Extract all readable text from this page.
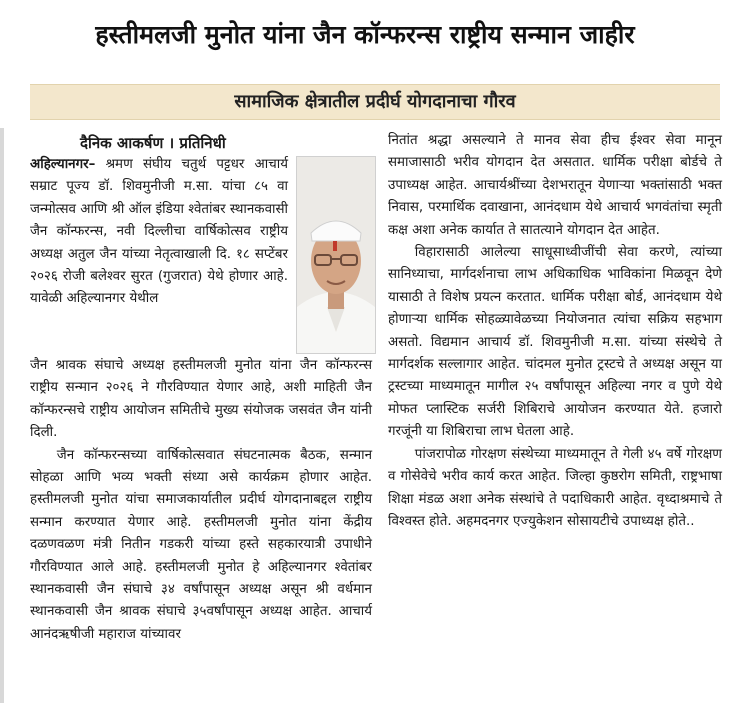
हस्तीमलजी मुनोत यांना जैन कॉन्फरन्स राष्ट्रीय सन्मान जाहीर
सामाजिक क्षेत्रातील प्रदीर्घ योगदानाचा गौरव
दैनिक आकर्षण । प्रतिनिधी

अहिल्यानगर– श्रमण संघीय चतुर्थ पट्टधर आचार्य सम्राट पूज्य डॉ. शिवमुनीजी म.सा. यांचा ८५ वा जन्मोत्सव आणि श्री ऑल इंडिया श्वेतांबर स्थानकवासी जैन कॉन्फरन्स, नवी दिल्लीचा वार्षिकोत्सव राष्ट्रीय अध्यक्ष अतुल जैन यांच्या नेतृत्वाखाली दि. १८ सप्टेंबर २०२६ रोजी बलेश्वर सुरत (गुजरात) येथे होणार आहे. यावेळी अहिल्यानगर येथील

जैन श्रावक संघाचे अध्यक्ष हस्तीमलजी मुनोत यांना जैन कॉन्फरन्स राष्ट्रीय सन्मान २०२६ ने गौरविण्यात येणार आहे, अशी माहिती जैन कॉन्फरन्सचे राष्ट्रीय आयोजन समितीचे मुख्य संयोजक जसवंत जैन यांनी दिली.

जैन कॉन्फरन्सच्या वार्षिकोत्सवात संघटनात्मक बैठक, सन्मान सोहळा आणि भव्य भक्ती संध्या असे कार्यक्रम होणार आहेत. हस्तीमलजी मुनोत यांचा समाजकार्यातील प्रदीर्घ योगदानाबद्दल राष्ट्रीय सन्मान करण्यात येणार आहे. हस्तीमलजी मुनोत यांना केंद्रीय दळणवळण मंत्री नितीन गडकरी यांच्या हस्ते सहकारयात्री उपाधीने गौरविण्यात आले आहे. हस्तीमलजी मुनोत हे अहिल्यानगर श्वेतांबर स्थानकवासी जैन संघाचे ३४ वर्षांपासून अध्यक्ष असून श्री वर्धमान स्थानकवासी जैन श्रावक संघाचे ३५वर्षांपासून अध्यक्ष आहेत. आचार्य आनंदऋषीजी महाराज यांच्यावर

नितांत श्रद्धा असल्याने ते मानव सेवा हीच ईश्वर सेवा मानून समाजासाठी भरीव योगदान देत असतात. धार्मिक परीक्षा बोर्डचे ते उपाध्यक्ष आहेत. आचार्यश्रींच्या देशभरातून येणाऱ्या भक्तांसाठी भक्त निवास, परमार्थिक दवाखाना, आनंदधाम येथे आचार्य भगवंतांचा स्मृती कक्ष अशा अनेक कार्यात ते सातत्याने योगदान देत आहेत.

विहारासाठी आलेल्या साधूसाध्वीजींची सेवा करणे, त्यांच्या सानिध्याचा, मार्गदर्शनाचा लाभ अधिकाधिक भाविकांना मिळवून देणे यासाठी ते विशेष प्रयत्न करतात. धार्मिक परीक्षा बोर्ड, आनंदधाम येथे होणाऱ्या धार्मिक सोहळ्यावेळच्या नियोजनात त्यांचा सक्रिय सहभाग असतो. विद्यमान आचार्य डॉ. शिवमुनीजी म.सा. यांच्या संस्थेचे ते मार्गदर्शक सल्लागार आहेत. चांदमल मुनोत ट्रस्टचे ते अध्यक्ष असून या ट्रस्टच्या माध्यमातून मागील २५ वर्षांपासून अहिल्या नगर व पुणे येथे मोफत प्लास्टिक सर्जरी शिबिराचे आयोजन करण्यात येते. हजारो गरजूंनी या शिबिराचा लाभ घेतला आहे.

पांजरापोळ गोरक्षण संस्थेच्या माध्यमातून ते गेली ४५ वर्षे गोरक्षण व गोसेवेचे भरीव कार्य करत आहेत. जिल्हा कुष्ठरोग समिती, राष्ट्रभाषा शिक्षा मंडळ अशा अनेक संस्थांचे ते पदाधिकारी आहेत. वृध्दाश्रमाचे ते विश्वस्त होते. अहमदनगर एज्युकेशन सोसायटीचे उपाध्यक्ष होते..
